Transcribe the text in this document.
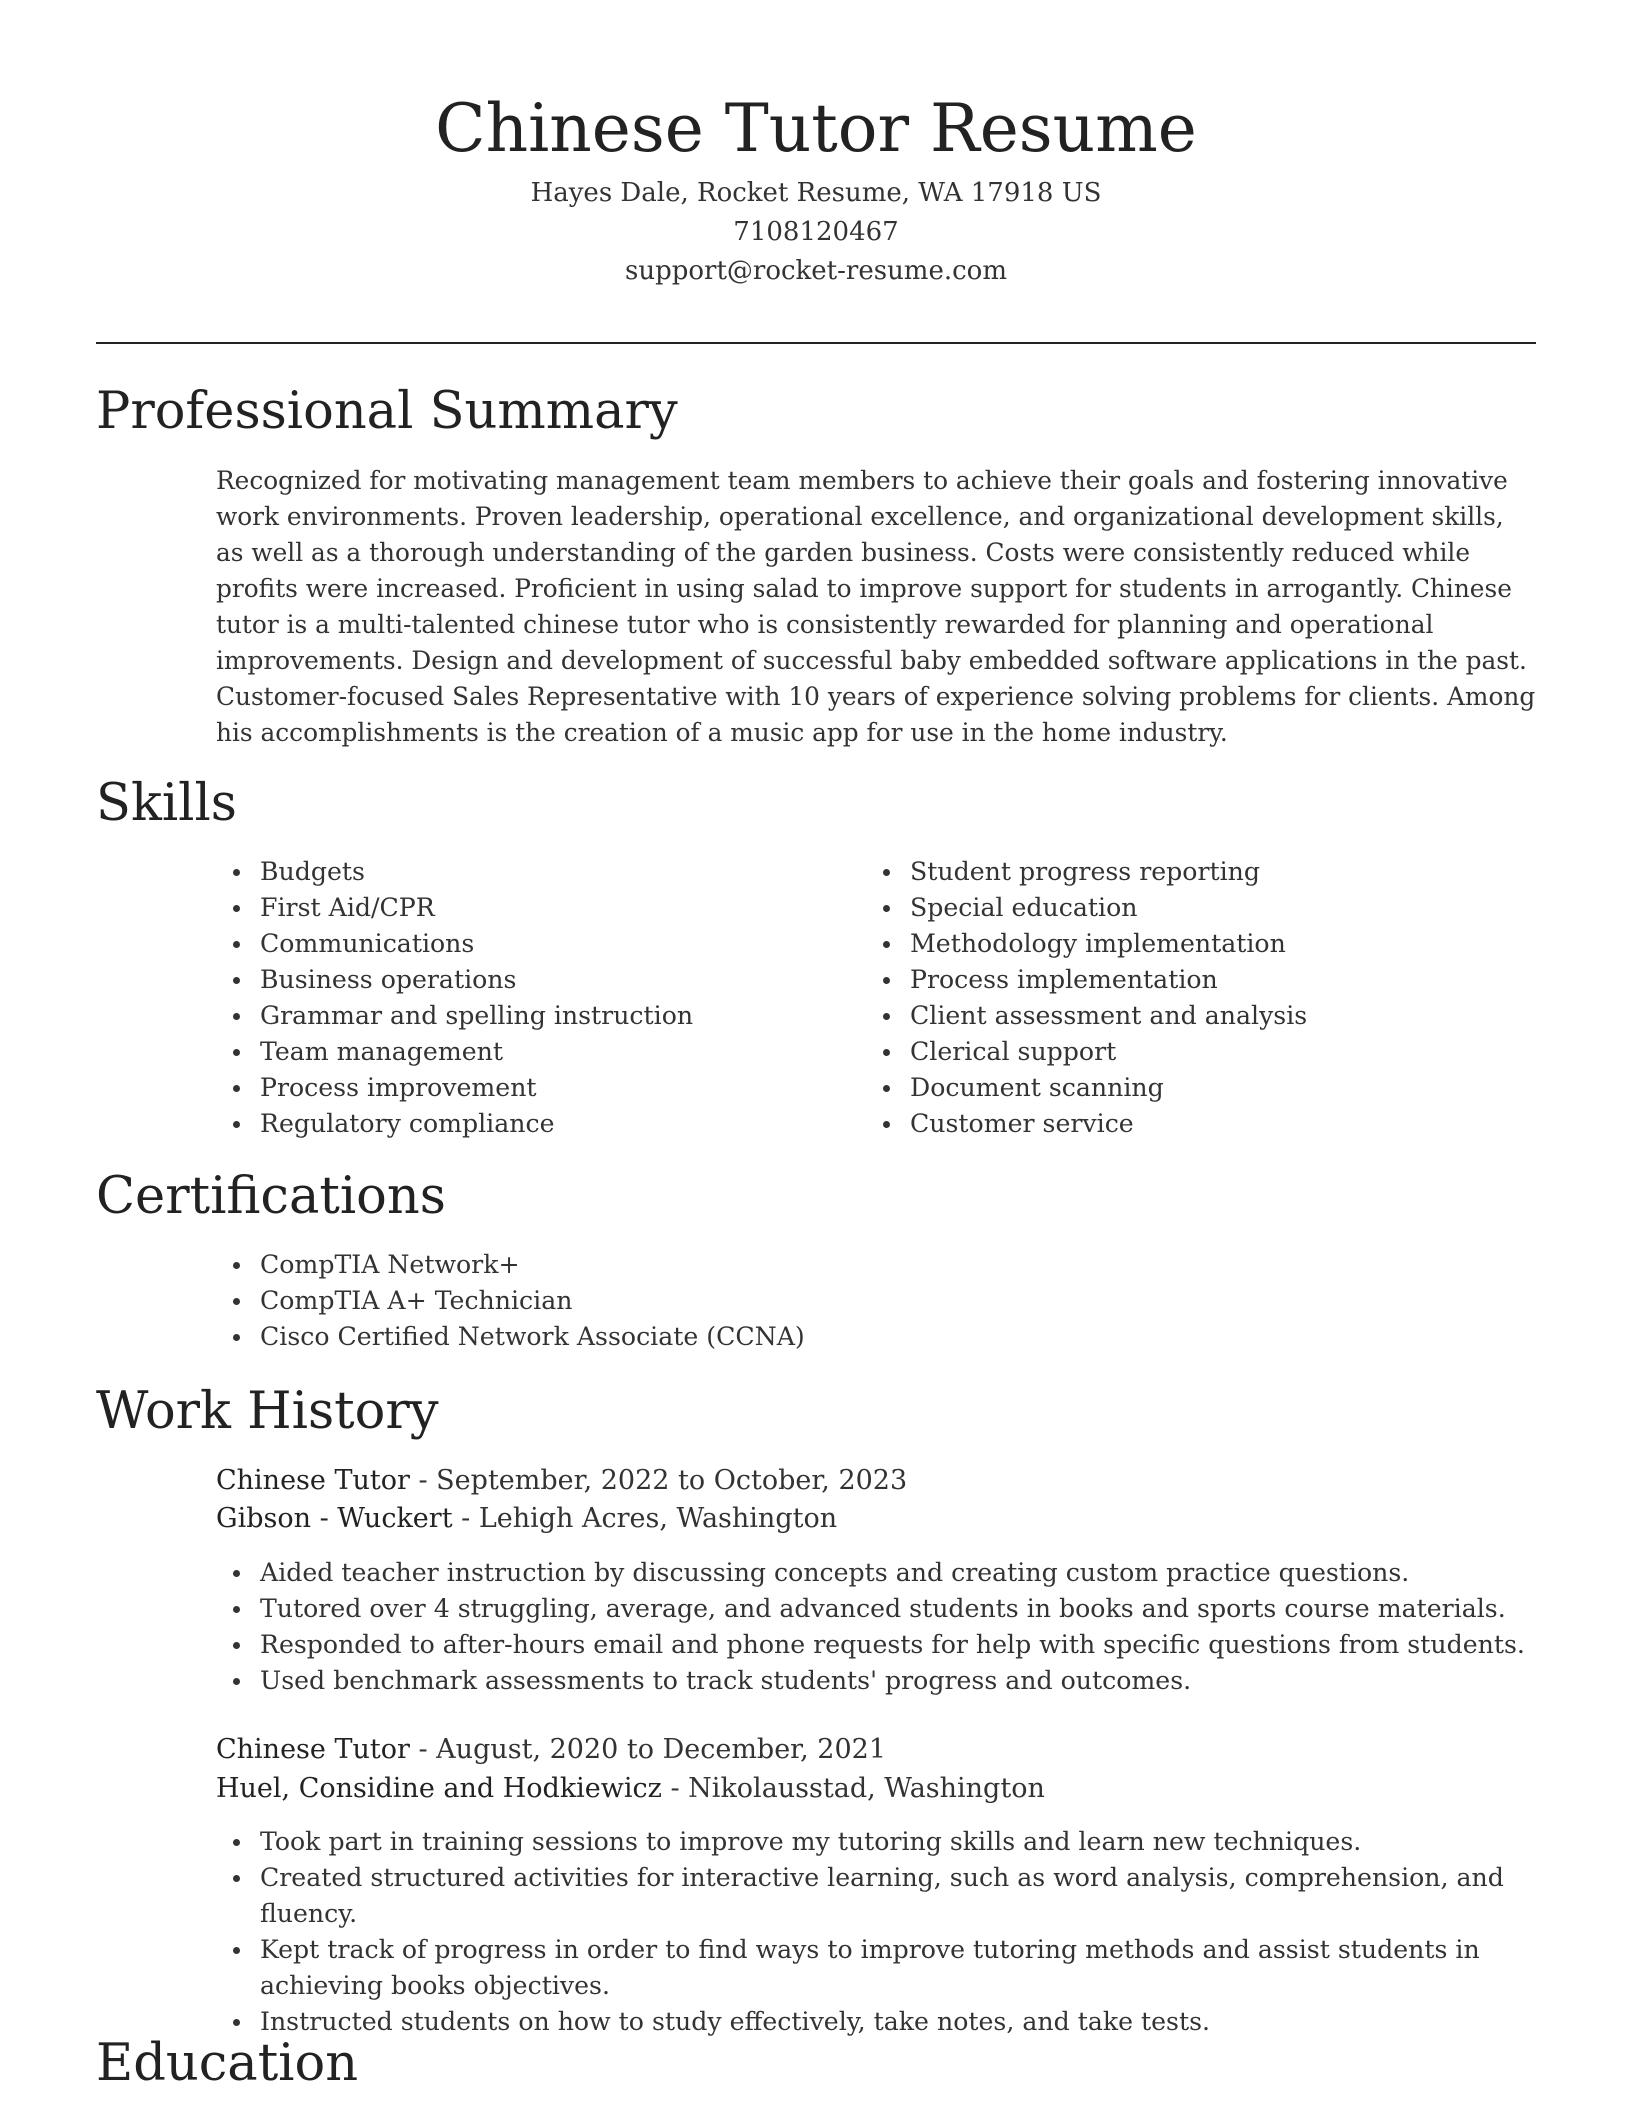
Chinese Tutor Resume

Hayes Dale, Rocket Resume, WA 17918 US

7108120467

support@rocket-resume.com

Professional Summary

Recognized for motivating management team members to achieve their goals and fostering innovative work environments. Proven leadership, operational excellence, and organizational development skills, as well as a thorough understanding of the garden business. Costs were consistently reduced while profits were increased. Proficient in using salad to improve support for students in arrogantly. Chinese tutor is a multi-talented chinese tutor who is consistently rewarded for planning and operational improvements. Design and development of successful baby embedded software applications in the past. Customer-focused Sales Representative with 10 years of experience solving problems for clients. Among his accomplishments is the creation of a music app for use in the home industry.

Skills
Budgets
First Aid/CPR
Communications
Business operations
Grammar and spelling instruction
Team management
Process improvement
Regulatory compliance
Student progress reporting
Special education
Methodology implementation
Process implementation
Client assessment and analysis
Clerical support
Document scanning
Customer service
Certifications
CompTIA Network+
CompTIA A+ Technician
Cisco Certified Network Associate (CCNA)
Work History

Chinese Tutor - September, 2022 to October, 2023

Gibson - Wuckert - Lehigh Acres, Washington

Aided teacher instruction by discussing concepts and creating custom practice questions.
Tutored over 4 struggling, average, and advanced students in books and sports course materials.
Responded to after-hours email and phone requests for help with specific questions from students.
Used benchmark assessments to track students' progress and outcomes.

Chinese Tutor - August, 2020 to December, 2021

Huel, Considine and Hodkiewicz - Nikolausstad, Washington

Took part in training sessions to improve my tutoring skills and learn new techniques.
Created structured activities for interactive learning, such as word analysis, comprehension, and fluency.
Kept track of progress in order to find ways to improve tutoring methods and assist students in achieving books objectives.
Instructed students on how to study effectively, take notes, and take tests.
Education
